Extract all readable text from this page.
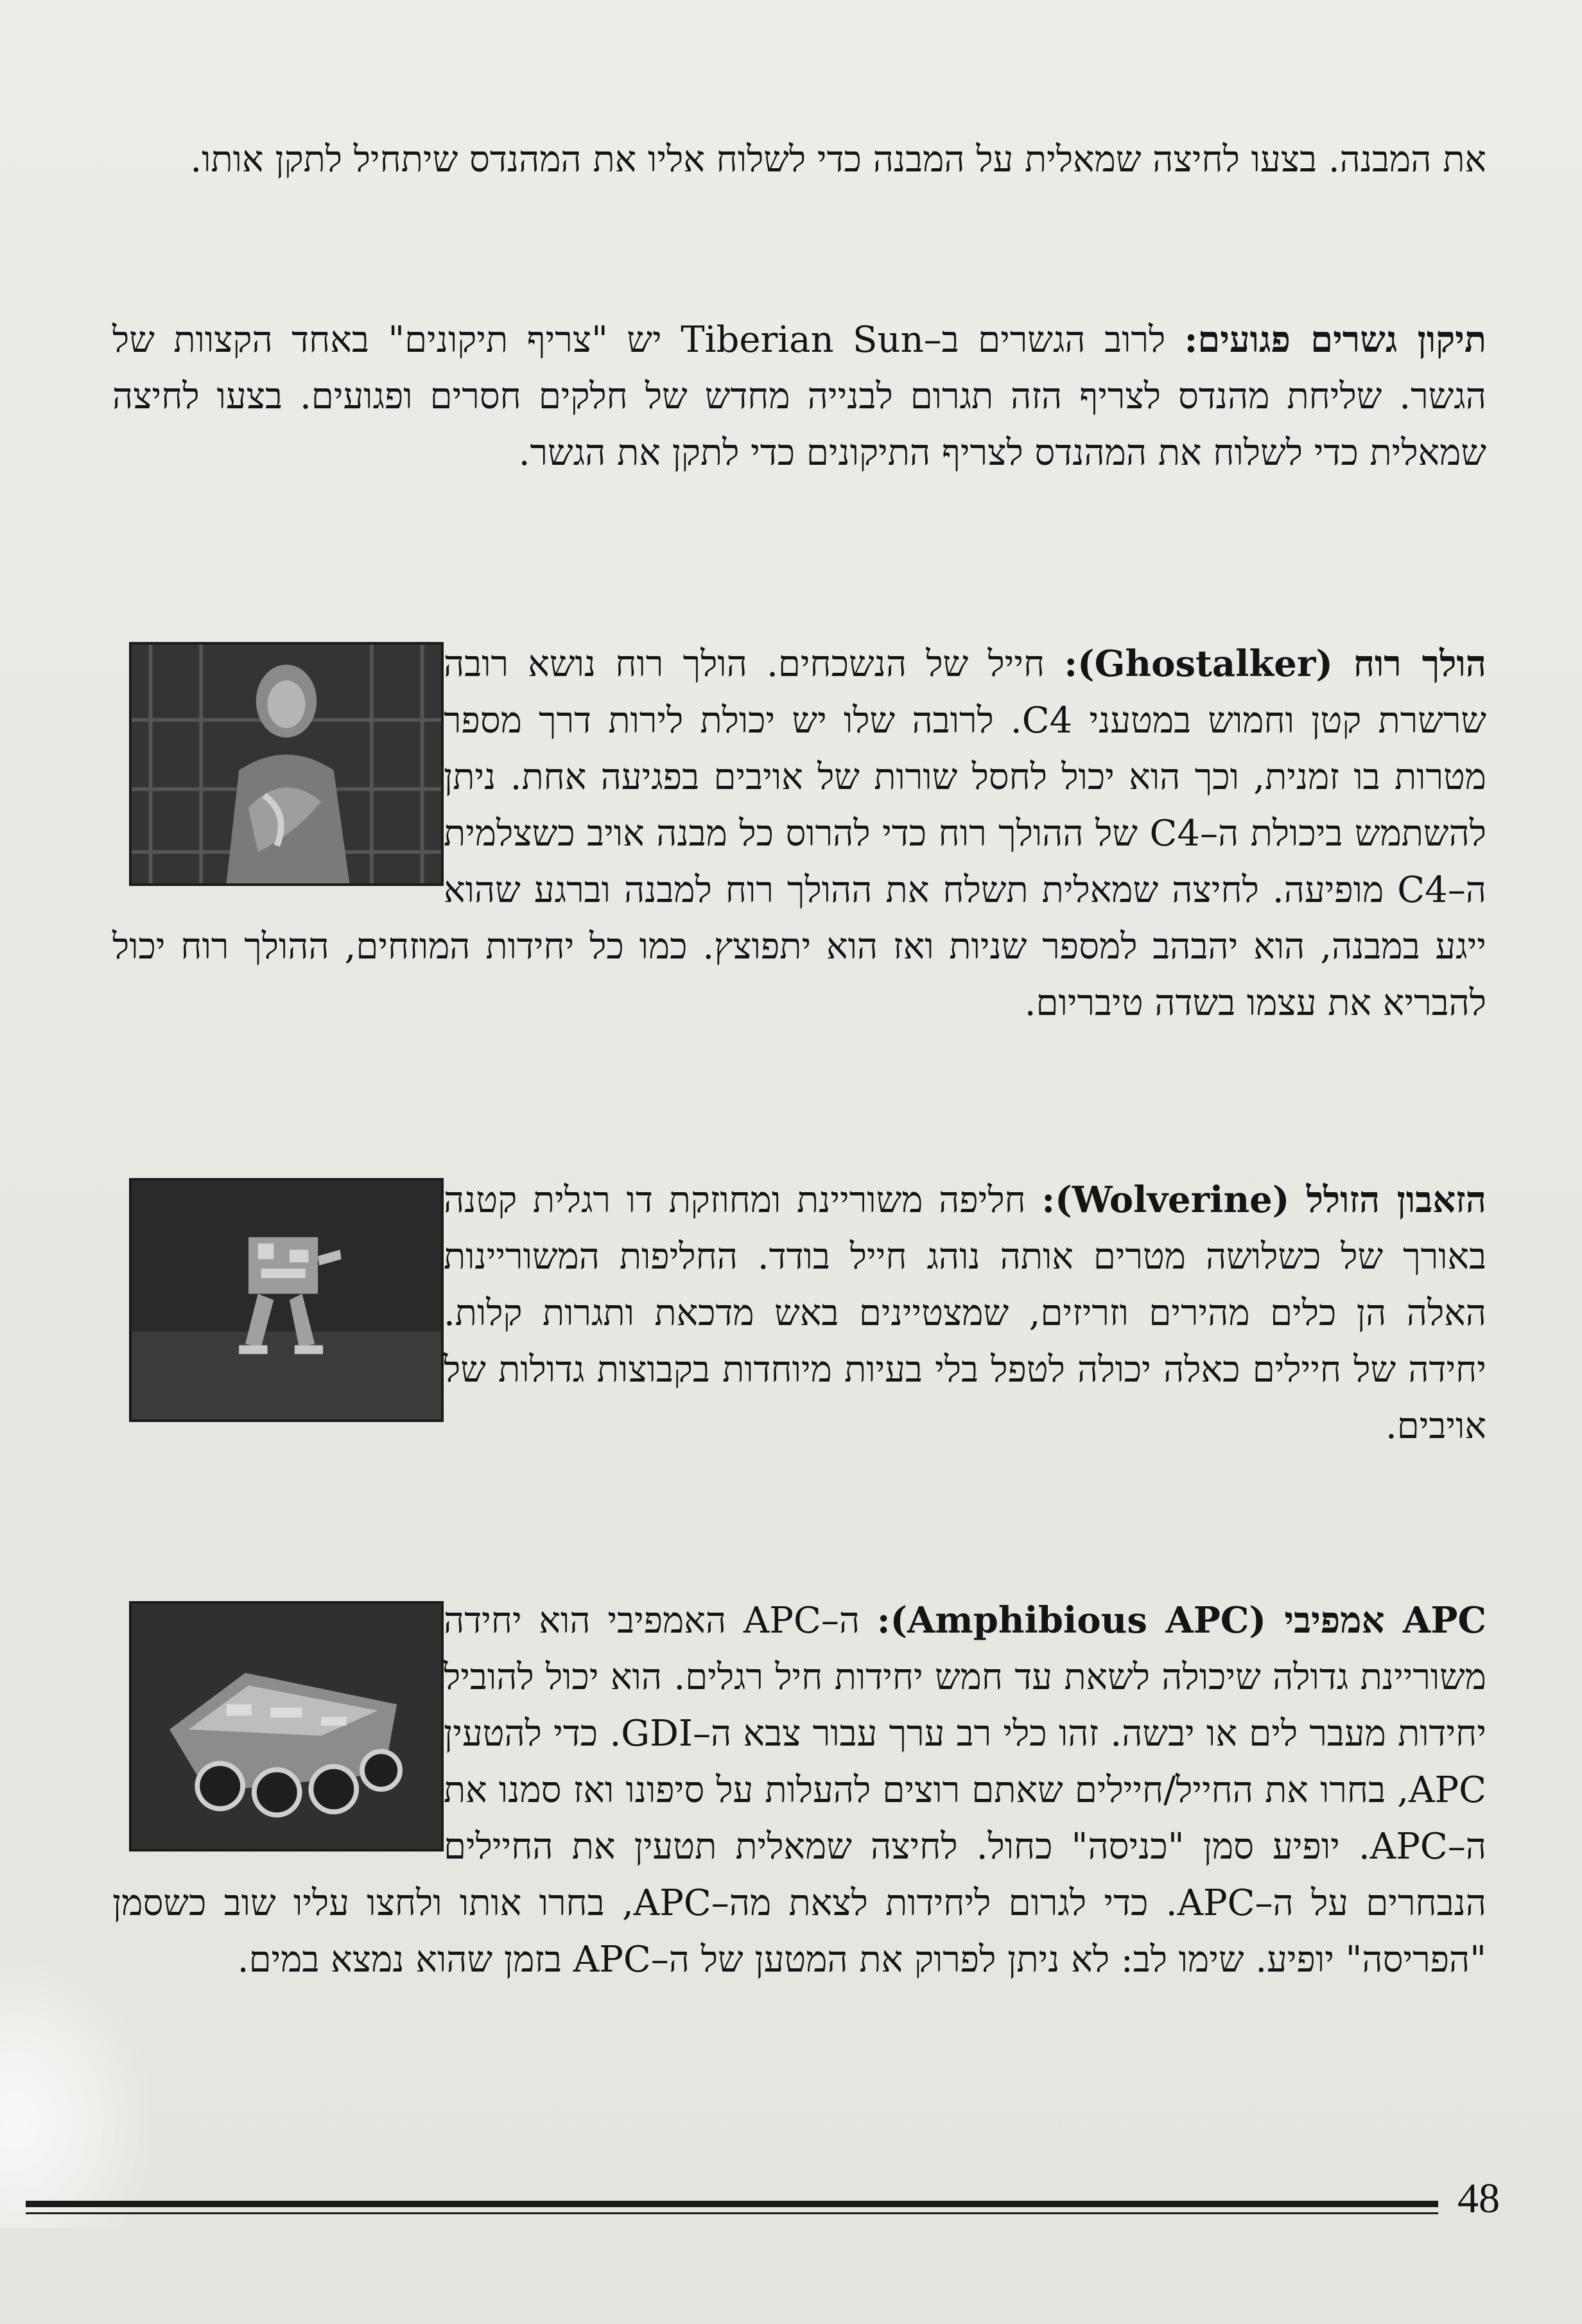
את המבנה. בצעו לחיצה שמאלית על המבנה כדי לשלוח אליו את המהנדס שיתחיל לתקן אותו.

תיקון גשרים פגועים: לרוב הגשרים ב–Tiberian Sun יש "צריף תיקונים" באחד הקצוות של הגשר. שליחת מהנדס לצריף הזה תגרום לבנייה מחדש של חלקים חסרים ופגועים. בצעו לחיצה שמאלית כדי לשלוח את המהנדס לצריף התיקונים כדי לתקן את הגשר.

הולך רוח (Ghostalker): חייל של הנשכחים. הולך רוח נושא רובה שרשרת קטן וחמוש במטעני C4. לרובה שלו יש יכולת לירות דרך מספר מטרות בו זמנית, וכך הוא יכול לחסל שורות של אויבים בפגיעה אחת. ניתן להשתמש ביכולת ה–C4 של ההולך רוח כדי להרוס כל מבנה אויב כשצלמית ה–C4 מופיעה. לחיצה שמאלית תשלח את ההולך רוח למבנה וברגע שהוא ייגע במבנה, הוא יהבהב למספר שניות ואז הוא יתפוצץ. כמו כל יחידות המוזחים, ההולך רוח יכול להבריא את עצמו בשדה טיבריום.

הזאבון הזולל (Wolverine): חליפה משוריינת ומחוזקת דו רגלית קטנה באורך של כשלושה מטרים אותה נוהג חייל בודד. החליפות המשוריינות האלה הן כלים מהירים וזריזים, שמצטיינים באש מדכאת ותגרות קלות. יחידה של חיילים כאלה יכולה לטפל בלי בעיות מיוחדות בקבוצות גדולות של אויבים.

APC אמפיבי (Amphibious APC): ה–APC האמפיבי הוא יחידה משוריינת גדולה שיכולה לשאת עד חמש יחידות חיל רגלים. הוא יכול להוביל יחידות מעבר לים או יבשה. זהו כלי רב ערך עבור צבא ה–GDI. כדי להטעין APC, בחרו את החייל/חיילים שאתם רוצים להעלות על סיפונו ואז סמנו את ה–APC. יופיע סמן "כניסה" כחול. לחיצה שמאלית תטעין את החיילים הנבחרים על ה–APC. כדי לגרום ליחידות לצאת מה–APC, בחרו אותו ולחצו עליו שוב כשסמן "הפריסה" יופיע. שימו לב: לא ניתן לפרוק את המטען של ה–APC בזמן שהוא נמצא במים.

48
